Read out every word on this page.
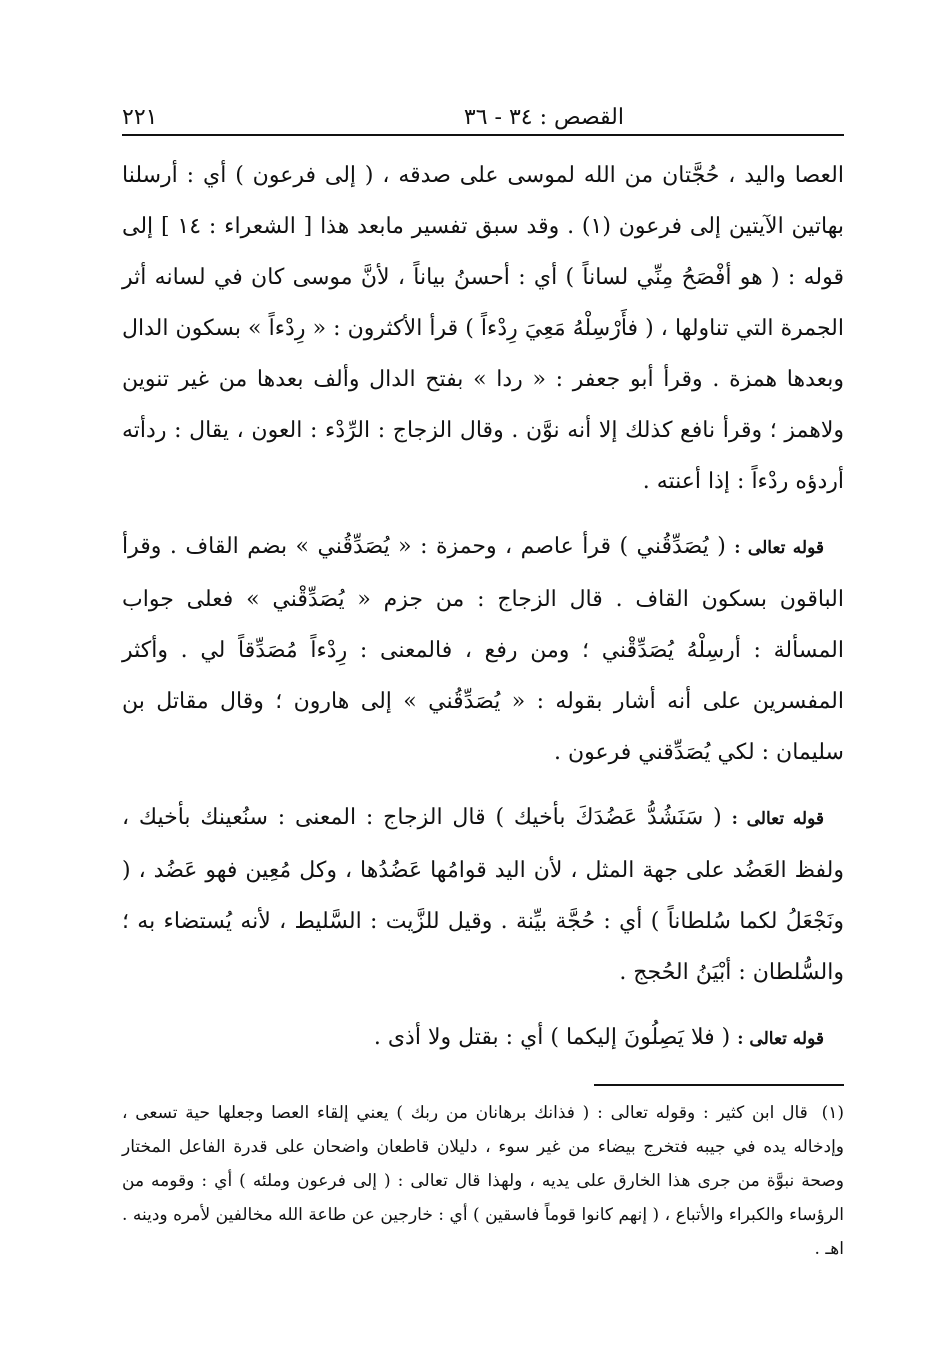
القصص : ٣٤ - ٣٦
٢٢١

العصا واليد ، حُجَّتان من الله لموسى على صدقه ، ( إلى فرعون ) أي : أرسلنا بهاتين الآيتين إلى فرعون (١) . وقد سبق تفسير مابعد هذا [ الشعراء : ١٤ ] إلى قوله : ( هو أفْصَحُ مِنِّي لساناً ) أي : أحسنُ بياناً ، لأنَّ موسى كان في لسانه أثر الجمرة التي تناولها ، ( فأَرْسِلْهُ مَعِيَ رِدْءاً ) قرأ الأكثرون : « رِدْءاً » بسكون الدال وبعدها همزة . وقرأ أبو جعفر : « ردا » بفتح الدال وألف بعدها من غير تنوين ولاهمز ؛ وقرأ نافع كذلك إلا أنه نوَّن . وقال الزجاج : الرِّدْء : العون ، يقال : ردأته أردؤه ردْءاً : إذا أعنته .

قوله تعالى : ( يُصَدِّقُني ) قرأ عاصم ، وحمزة : « يُصَدِّقُني » بضم القاف . وقرأ الباقون بسكون القاف . قال الزجاج : من جزم « يُصَدِّقْني » فعلى جواب المسألة : أرسِلْهُ يُصَدِّقْني ؛ ومن رفع ، فالمعنى : رِدْءاً مُصَدِّقاً لي . وأكثر المفسرين على أنه أشار بقوله : « يُصَدِّقُني » إلى هارون ؛ وقال مقاتل بن سليمان : لكي يُصَدِّقني فرعون .

قوله تعالى : ( سَنَشُدُّ عَضُدَكَ بأخيك ) قال الزجاج : المعنى : سنُعينك بأخيك ، ولفظ العَضُد على جهة المثل ، لأن اليد قوامُها عَضُدُها ، وكل مُعِين فهو عَضُد ، ( ونَجْعَلُ لكما سُلطاناً ) أي : حُجَّة بيِّنة . وقيل للزَّيت : السَّليط ، لأنه يُستضاء به ؛ والسُّلطان : أبْيَنُ الحُجج .

قوله تعالى : ( فلا يَصِلُونَ إليكما ) أي : بقتل ولا أذى .

(١) قال ابن كثير : وقوله تعالى : ( فذانك برهانان من ربك ) يعني إلقاء العصا وجعلها حية تسعى ، وإدخاله يده في جيبه فتخرج بيضاء من غير سوء ، دليلان قاطعان واضحان على قدرة الفاعل المختار وصحة نبوَّة من جرى هذا الخارق على يديه ، ولهذا قال تعالى : ( إلى فرعون وملئه ) أي : وقومه من الرؤساء والكبراء والأتباع ، ( إنهم كانوا قوماً فاسقين ) أي : خارجين عن طاعة الله مخالفين لأمره ودينه . اهـ .
